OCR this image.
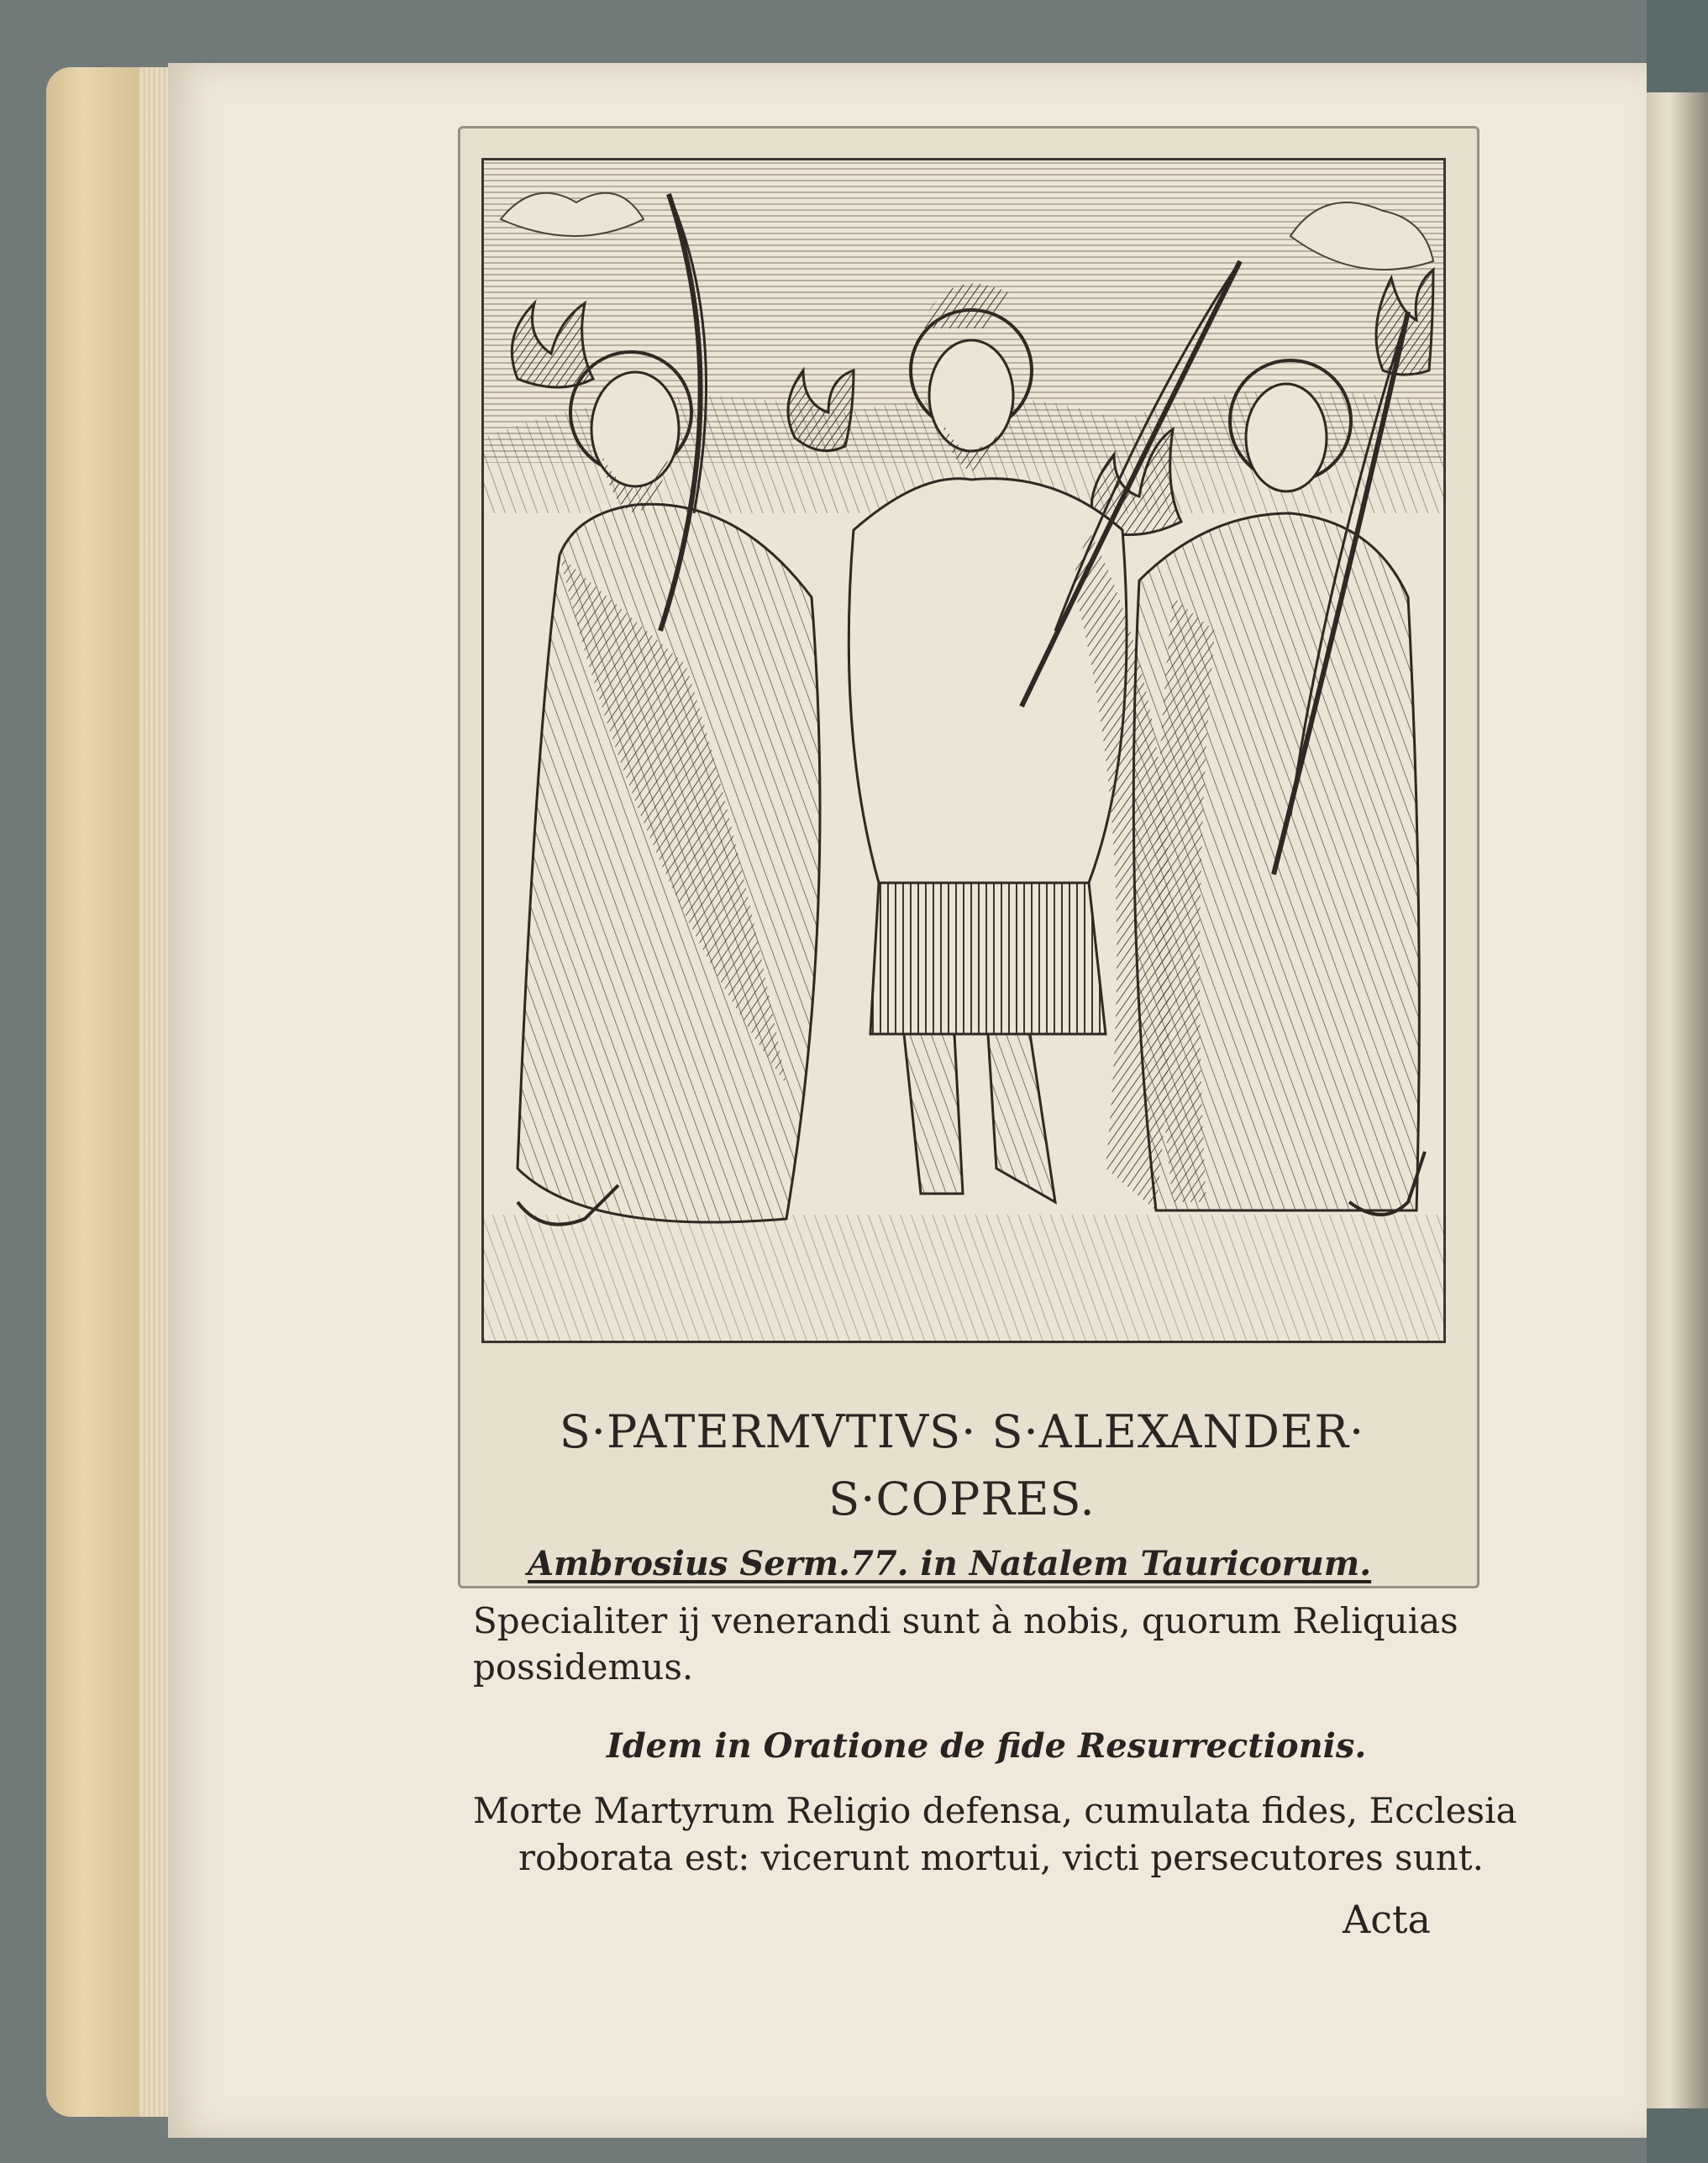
S·PATERMVTIVS· S·ALEXANDER· S·COPRES.
Ambrosius Serm.77. in Natalem Tauricorum.
Specialiter ij venerandi sunt à nobis, quorum Reliquias
possidemus.
Idem in Oratione de fide Resurrectionis.
Morte Martyrum Religio defensa, cumulata fides, Ecclesia
roborata est: vicerunt mortui, victi persecutores sunt.
Acta
